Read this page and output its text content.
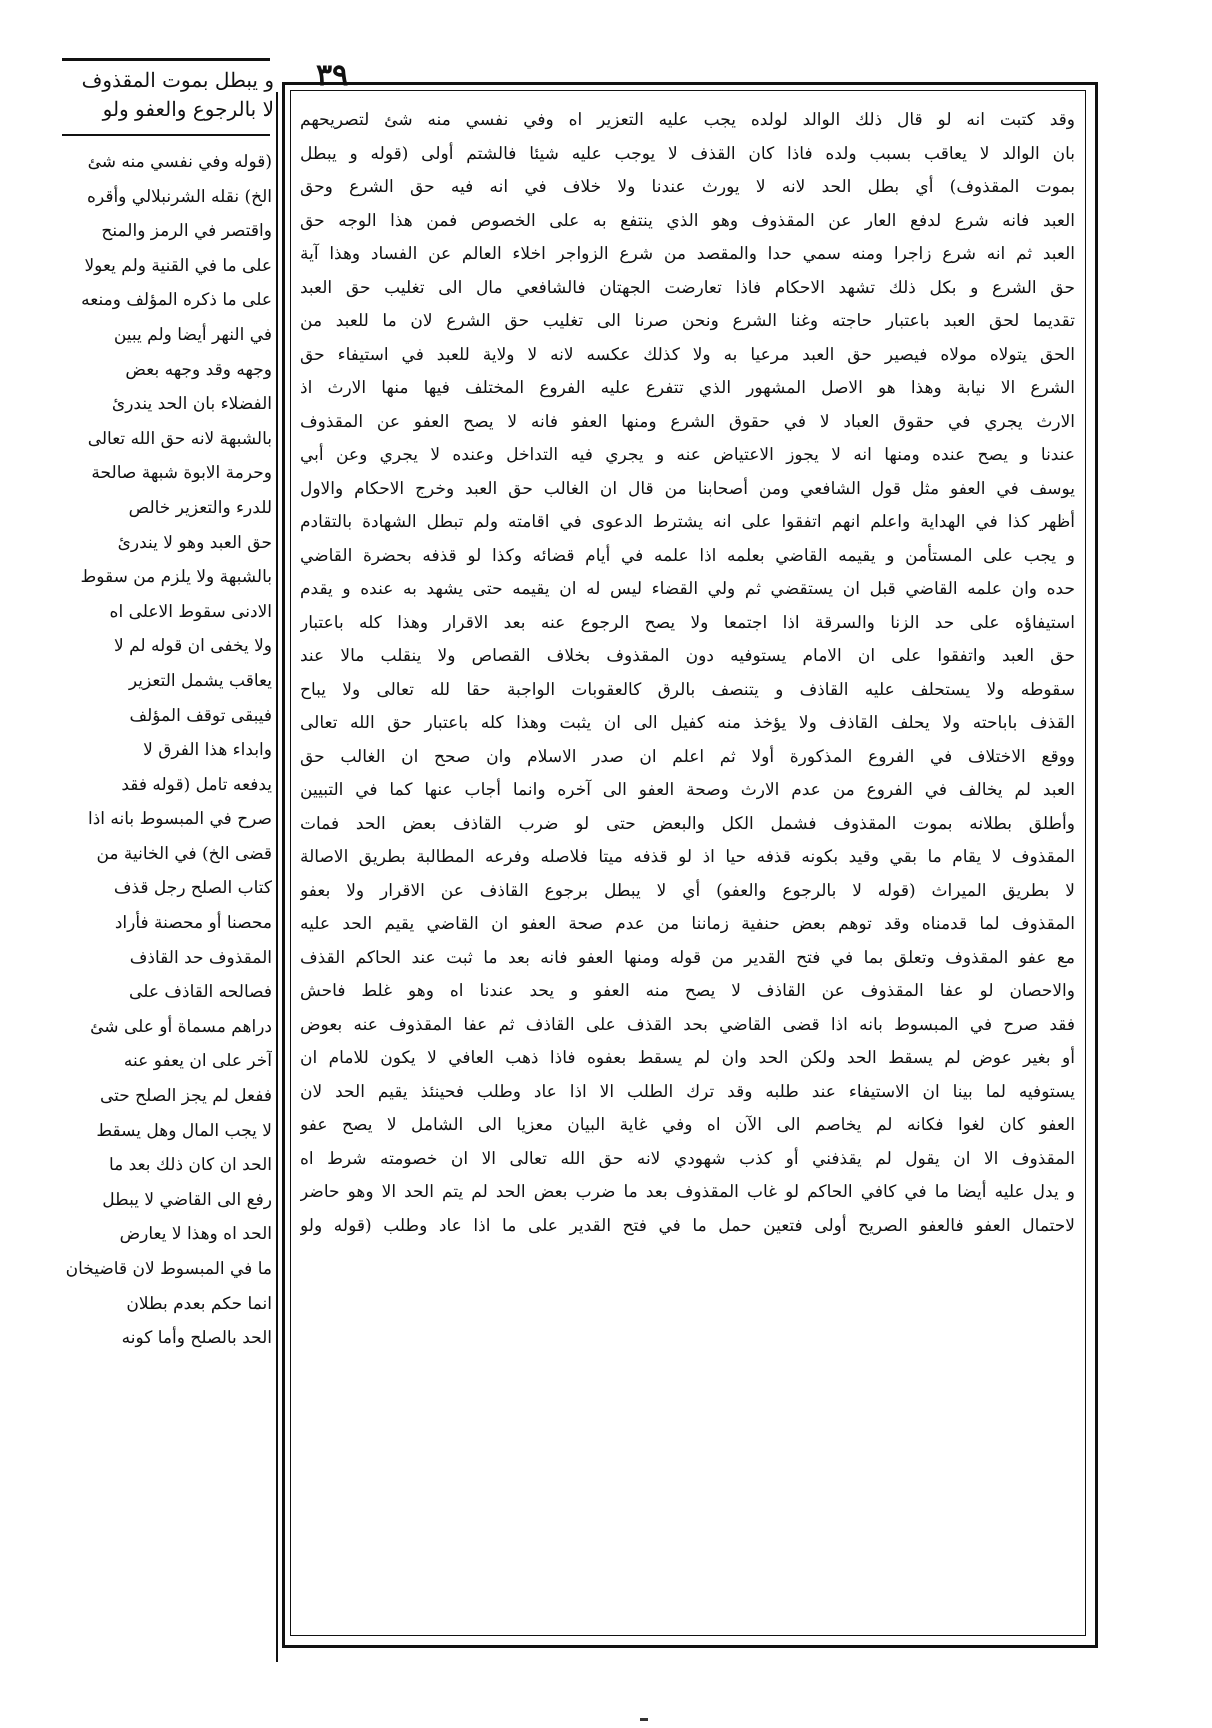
٣٩
و يبطل بموت المقذوف
لا بالرجوع والعفو ولو
(قوله وفي نفسي منه شئ
الخ) نقله الشرنبلالي وأقره
واقتصر في الرمز والمنح
على ما في القنية ولم يعولا
على ما ذكره المؤلف ومنعه
في النهر أيضا ولم يبين
وجهه وقد وجهه بعض
الفضلاء بان الحد يندرئ
بالشبهة لانه حق الله تعالى
وحرمة الابوة شبهة صالحة
للدرء والتعزير خالص
حق العبد وهو لا يندرئ
بالشبهة ولا يلزم من سقوط
الادنى سقوط الاعلى اه
ولا يخفى ان قوله لم لا
يعاقب يشمل التعزير
فيبقى توقف المؤلف
وابداء هذا الفرق لا
يدفعه تامل (قوله فقد
صرح في المبسوط بانه اذا
قضى الخ) في الخانية من
كتاب الصلح رجل قذف
محصنا أو محصنة فأراد
المقذوف حد القاذف
فصالحه القاذف على
دراهم مسماة أو على شئ
آخر على ان يعفو عنه
ففعل لم يجز الصلح حتى
لا يجب المال وهل يسقط
الحد ان كان ذلك بعد ما
رفع الى القاضي لا يبطل
الحد اه وهذا لا يعارض
ما في المبسوط لان قاضيخان
انما حكم بعدم بطلان
الحد بالصلح وأما كونه
وقد كتبت انه لو قال ذلك الوالد لولده يجب عليه التعزير اه وفي نفسي منه شئ لتصريحهم
بان الوالد لا يعاقب بسبب ولده فاذا كان القذف لا يوجب عليه شيئا فالشتم أولى (قوله و يبطل
بموت المقذوف) أي بطل الحد لانه لا يورث عندنا ولا خلاف في انه فيه حق الشرع وحق
العبد فانه شرع لدفع العار عن المقذوف وهو الذي ينتفع به على الخصوص فمن هذا الوجه حق
العبد ثم انه شرع زاجرا ومنه سمي حدا والمقصد من شرع الزواجر اخلاء العالم عن الفساد وهذا آية
حق الشرع و بكل ذلك تشهد الاحكام فاذا تعارضت الجهتان فالشافعي مال الى تغليب حق العبد
تقديما لحق العبد باعتبار حاجته وغنا الشرع ونحن صرنا الى تغليب حق الشرع لان ما للعبد من
الحق يتولاه مولاه فيصير حق العبد مرعيا به ولا كذلك عكسه لانه لا ولاية للعبد في استيفاء حق
الشرع الا نيابة وهذا هو الاصل المشهور الذي تتفرع عليه الفروع المختلف فيها منها الارث اذ
الارث يجري في حقوق العباد لا في حقوق الشرع ومنها العفو فانه لا يصح العفو عن المقذوف
عندنا و يصح عنده ومنها انه لا يجوز الاعتياض عنه و يجري فيه التداخل وعنده لا يجري وعن أبي
يوسف في العفو مثل قول الشافعي ومن أصحابنا من قال ان الغالب حق العبد وخرج الاحكام والاول
أظهر كذا في الهداية واعلم انهم اتفقوا على انه يشترط الدعوى في اقامته ولم تبطل الشهادة بالتقادم
و يجب على المستأمن و يقيمه القاضي بعلمه اذا علمه في أيام قضائه وكذا لو قذفه بحضرة القاضي
حده وان علمه القاضي قبل ان يستقضي ثم ولي القضاء ليس له ان يقيمه حتى يشهد به عنده و يقدم
استيفاؤه على حد الزنا والسرقة اذا اجتمعا ولا يصح الرجوع عنه بعد الاقرار وهذا كله باعتبار
حق العبد واتفقوا على ان الامام يستوفيه دون المقذوف بخلاف القصاص ولا ينقلب مالا عند
سقوطه ولا يستحلف عليه القاذف و يتنصف بالرق كالعقوبات الواجبة حقا لله تعالى ولا يباح
القذف باباحته ولا يحلف القاذف ولا يؤخذ منه كفيل الى ان يثبت وهذا كله باعتبار حق الله تعالى
ووقع الاختلاف في الفروع المذكورة أولا ثم اعلم ان صدر الاسلام وان صحح ان الغالب حق
العبد لم يخالف في الفروع من عدم الارث وصحة العفو الى آخره وانما أجاب عنها كما في التبيين
وأطلق بطلانه بموت المقذوف فشمل الكل والبعض حتى لو ضرب القاذف بعض الحد فمات
المقذوف لا يقام ما بقي وقيد بكونه قذفه حيا اذ لو قذفه ميتا فلاصله وفرعه المطالبة بطريق الاصالة
لا بطريق الميراث (قوله لا بالرجوع والعفو) أي لا يبطل برجوع القاذف عن الاقرار ولا بعفو
المقذوف لما قدمناه وقد توهم بعض حنفية زماننا من عدم صحة العفو ان القاضي يقيم الحد عليه
مع عفو المقذوف وتعلق بما في فتح القدير من قوله ومنها العفو فانه بعد ما ثبت عند الحاكم القذف
والاحصان لو عفا المقذوف عن القاذف لا يصح منه العفو و يحد عندنا اه وهو غلط فاحش
فقد صرح في المبسوط بانه اذا قضى القاضي بحد القذف على القاذف ثم عفا المقذوف عنه بعوض
أو بغير عوض لم يسقط الحد ولكن الحد وان لم يسقط بعفوه فاذا ذهب العافي لا يكون للامام ان
يستوفيه لما بينا ان الاستيفاء عند طلبه وقد ترك الطلب الا اذا عاد وطلب فحينئذ يقيم الحد لان
العفو كان لغوا فكانه لم يخاصم الى الآن اه وفي غاية البيان معزيا الى الشامل لا يصح عفو
المقذوف الا ان يقول لم يقذفني أو كذب شهودي لانه حق الله تعالى الا ان خصومته شرط اه
و يدل عليه أيضا ما في كافي الحاكم لو غاب المقذوف بعد ما ضرب بعض الحد لم يتم الحد الا وهو حاضر
لاحتمال العفو فالعفو الصريح أولى فتعين حمل ما في فتح القدير على ما اذا عاد وطلب (قوله ولو
